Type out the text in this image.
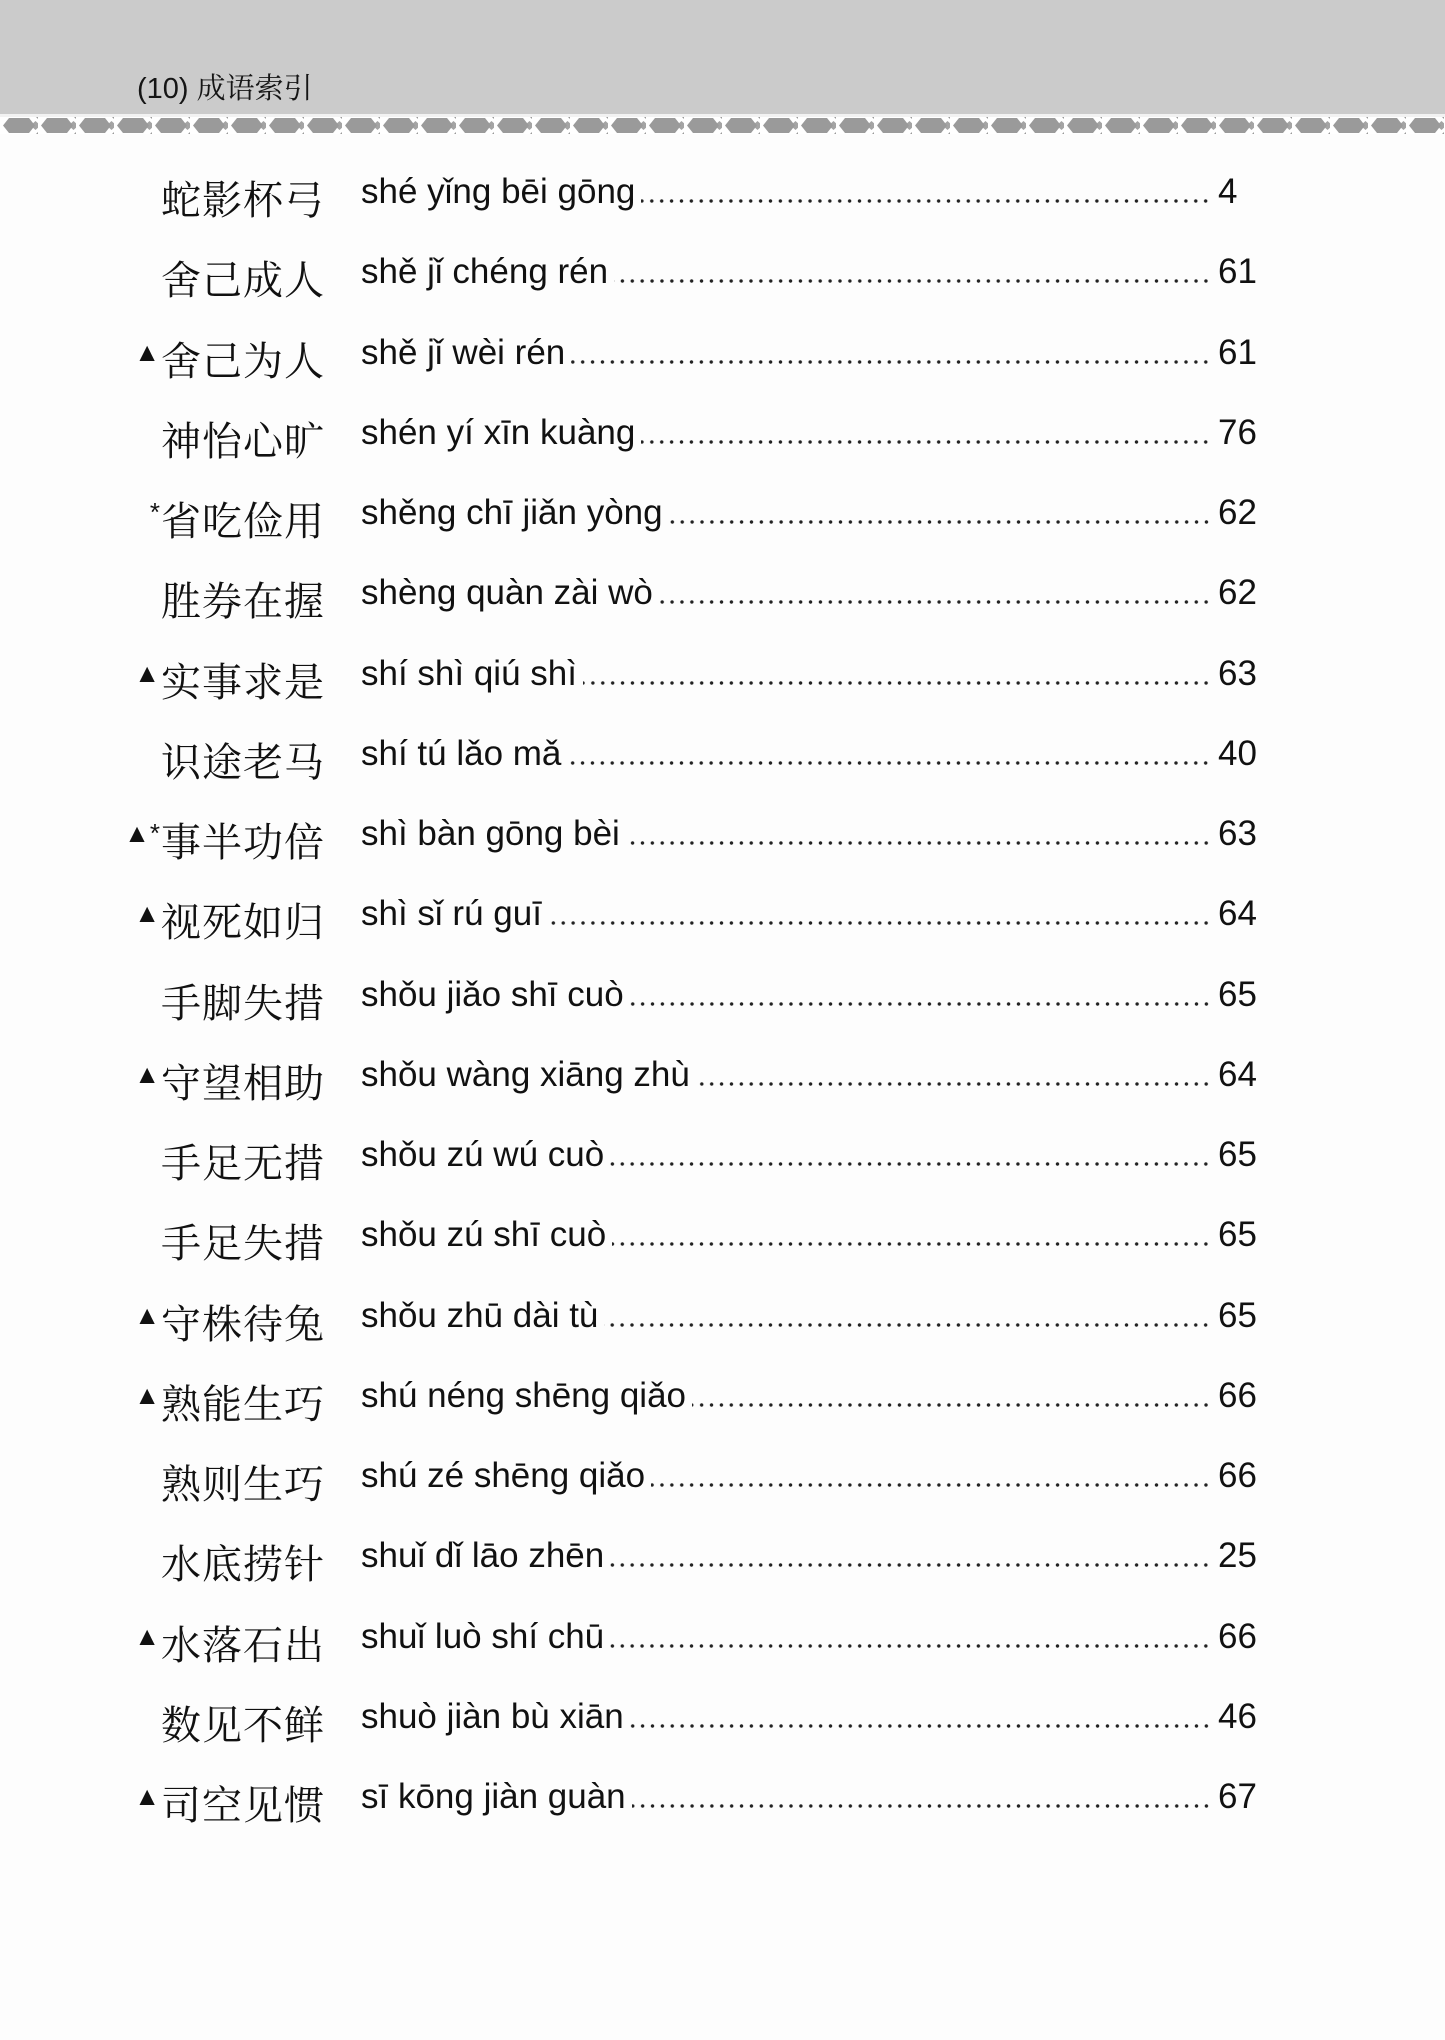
(10) 成语索引
蛇影杯弓 shé yǐng bēi gōng	4
舍己成人 shě jǐ chéng rén	61
▲舍己为人 shě jǐ wèi rén	61
神怡心旷 shén yí xīn kuàng	76
*省吃俭用 shěng chī jiǎn yòng	62
胜券在握 shèng quàn zài wò	62
▲实事求是 shí shì qiú shì	63
识途老马 shí tú lǎo mǎ	40
▲*事半功倍 shì bàn gōng bèi	63
▲视死如归 shì sǐ rú guī	64
手脚失措 shǒu jiǎo shī cuò	65
▲守望相助 shǒu wàng xiāng zhù	64
手足无措 shǒu zú wú cuò	65
手足失措 shǒu zú shī cuò	65
▲守株待兔 shǒu zhū dài tù	65
▲熟能生巧 shú néng shēng qiǎo	66
熟则生巧 shú zé shēng qiǎo	66
水底捞针 shuǐ dǐ lāo zhēn	25
▲水落石出 shuǐ luò shí chū	66
数见不鲜 shuò jiàn bù xiān	46
▲司空见惯 sī kōng jiàn guàn	67
